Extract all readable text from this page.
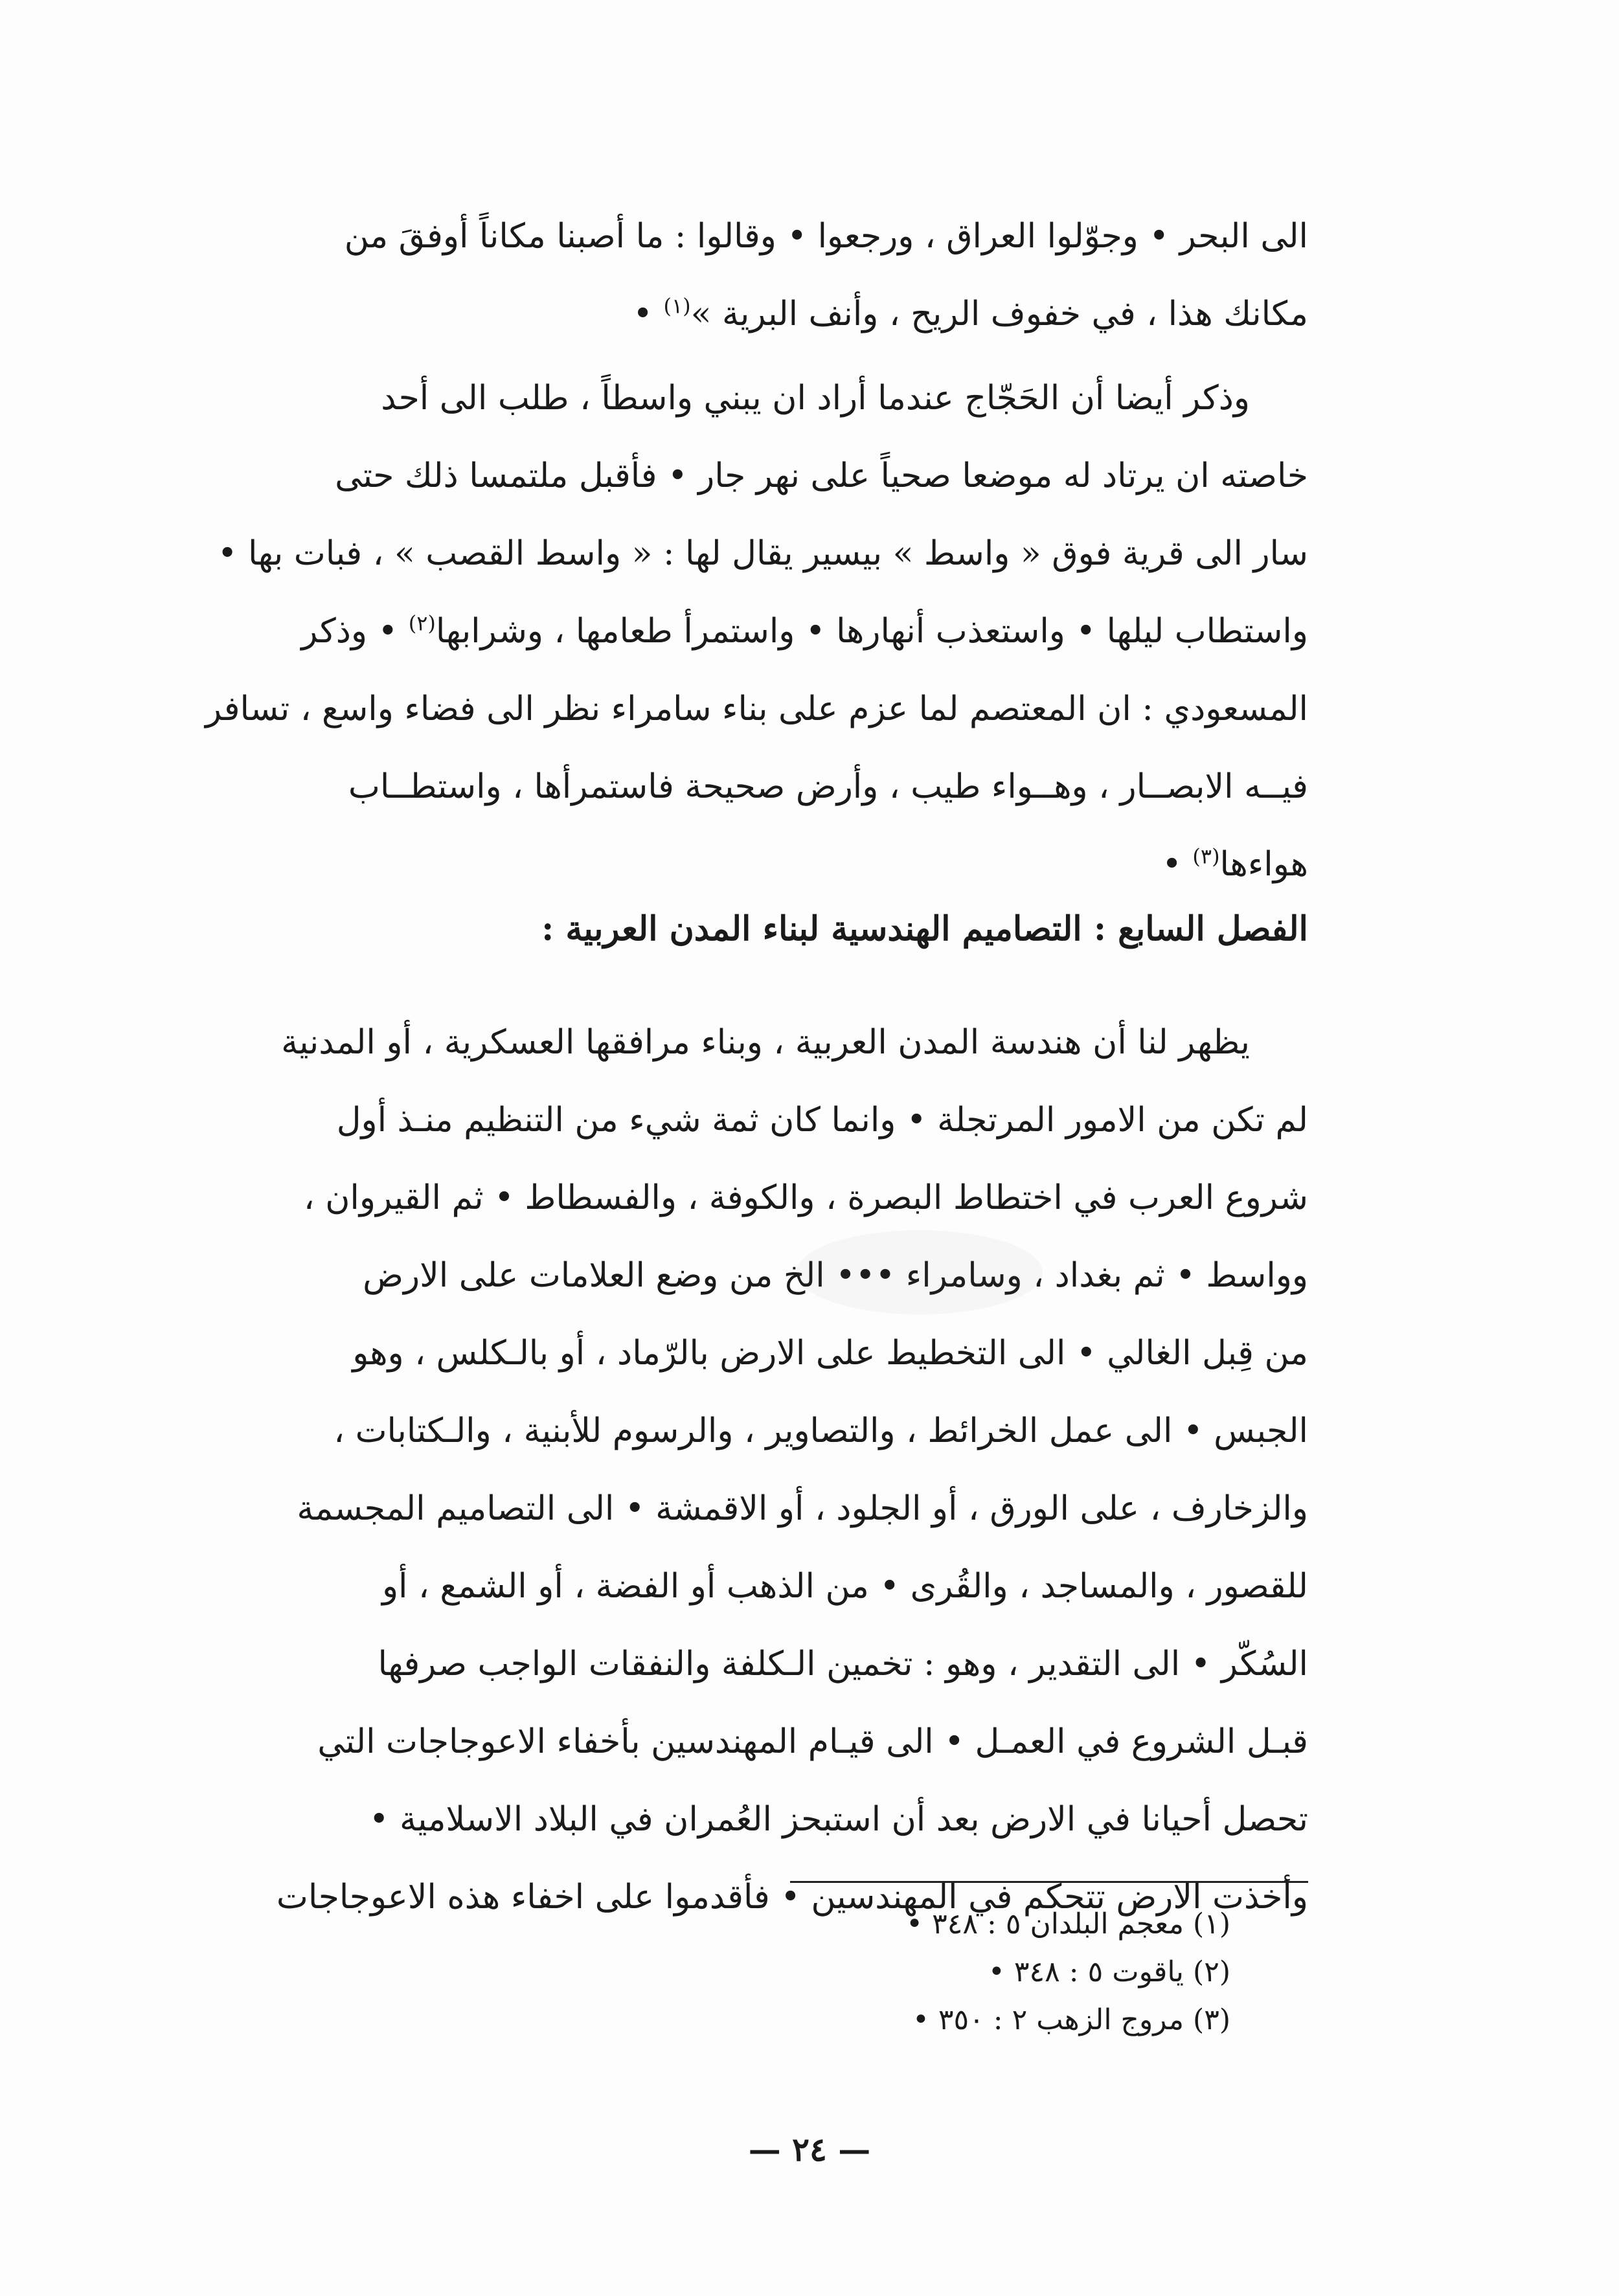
الى البحر • وجوّلوا العراق ، ورجعوا • وقالوا : ما أصبنا مكاناً أوفقَ من
مكانك هذا ، في خفوف الريح ، وأنف البرية »$^{(١)}$ •
وذكر أيضا أن الحَجّاج عندما أراد ان يبني واسطاً ، طلب الى أحد
خاصته ان يرتاد له موضعا صحياً على نهر جار • فأقبل ملتمسا ذلك حتى
سار الى قرية فوق « واسط » بيسير يقال لها : « واسط القصب » ، فبات بها •
واستطاب ليلها • واستعذب أنهارها • واستمرأ طعامها ، وشرابها$^{(٢)}$ • وذكر
المسعودي : ان المعتصم لما عزم على بناء سامراء نظر الى فضاء واسع ، تسافر
فيــه الابصــار ، وهــواء طيب ، وأرض صحيحة فاستمرأها ، واستطــاب
هواءها$^{(٣)}$ •
الفصل السابع : التصاميم الهندسية لبناء المدن العربية :
يظهر لنا أن هندسة المدن العربية ، وبناء مرافقها العسكرية ، أو المدنية
لم تكن من الامور المرتجلة • وانما كان ثمة شيء من التنظيم منـذ أول
شروع العرب في اختطاط البصرة ، والكوفة ، والفسطاط • ثم القيروان ،
وواسط • ثم بغداد ، وسامراء ••• الخ من وضع العلامات على الارض
من قِبل الغالي • الى التخطيط على الارض بالرّماد ، أو بالـكلس ، وهو
الجبس • الى عمل الخرائط ، والتصاوير ، والرسوم للأبنية ، والـكتابات ،
والزخارف ، على الورق ، أو الجلود ، أو الاقمشة • الى التصاميم المجسمة
للقصور ، والمساجد ، والقُرى • من الذهب أو الفضة ، أو الشمع ، أو
السُكّر • الى التقدير ، وهو : تخمين الـكلفة والنفقات الواجب صرفها
قبـل الشروع في العمـل • الى قيـام المهندسين بأخفاء الاعوجاجات التي
تحصل أحيانا في الارض بعد أن استبحز العُمران في البلاد الاسلامية •
وأخذت الارض تتحكم في المهندسين • فأقدموا على اخفاء هذه الاعوجاجات
(١) معجم البلدان ٥ : ٣٤٨ •
(٢) ياقوت ٥ : ٣٤٨ •
(٣) مروج الزهب ٢ : ٣٥٠ •
— ٢٤ —
